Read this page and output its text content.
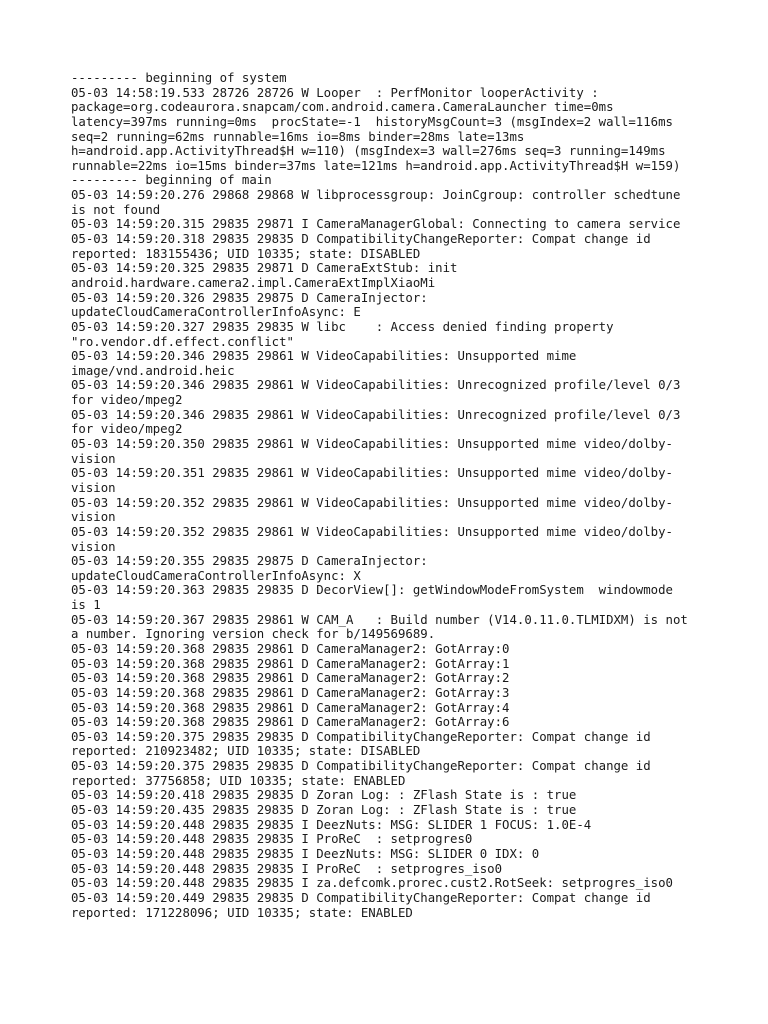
--------- beginning of system
05-03 14:58:19.533 28726 28726 W Looper  : PerfMonitor looperActivity :
package=org.codeaurora.snapcam/com.android.camera.CameraLauncher time=0ms
latency=397ms running=0ms  procState=-1  historyMsgCount=3 (msgIndex=2 wall=116ms
seq=2 running=62ms runnable=16ms io=8ms binder=28ms late=13ms
h=android.app.ActivityThread$H w=110) (msgIndex=3 wall=276ms seq=3 running=149ms
runnable=22ms io=15ms binder=37ms late=121ms h=android.app.ActivityThread$H w=159)
--------- beginning of main
05-03 14:59:20.276 29868 29868 W libprocessgroup: JoinCgroup: controller schedtune
is not found
05-03 14:59:20.315 29835 29871 I CameraManagerGlobal: Connecting to camera service
05-03 14:59:20.318 29835 29835 D CompatibilityChangeReporter: Compat change id
reported: 183155436; UID 10335; state: DISABLED
05-03 14:59:20.325 29835 29871 D CameraExtStub: init
android.hardware.camera2.impl.CameraExtImplXiaoMi
05-03 14:59:20.326 29835 29875 D CameraInjector:
updateCloudCameraControllerInfoAsync: E
05-03 14:59:20.327 29835 29835 W libc    : Access denied finding property
"ro.vendor.df.effect.conflict"
05-03 14:59:20.346 29835 29861 W VideoCapabilities: Unsupported mime
image/vnd.android.heic
05-03 14:59:20.346 29835 29861 W VideoCapabilities: Unrecognized profile/level 0/3
for video/mpeg2
05-03 14:59:20.346 29835 29861 W VideoCapabilities: Unrecognized profile/level 0/3
for video/mpeg2
05-03 14:59:20.350 29835 29861 W VideoCapabilities: Unsupported mime video/dolby-
vision
05-03 14:59:20.351 29835 29861 W VideoCapabilities: Unsupported mime video/dolby-
vision
05-03 14:59:20.352 29835 29861 W VideoCapabilities: Unsupported mime video/dolby-
vision
05-03 14:59:20.352 29835 29861 W VideoCapabilities: Unsupported mime video/dolby-
vision
05-03 14:59:20.355 29835 29875 D CameraInjector:
updateCloudCameraControllerInfoAsync: X
05-03 14:59:20.363 29835 29835 D DecorView[]: getWindowModeFromSystem  windowmode
is 1
05-03 14:59:20.367 29835 29861 W CAM_A   : Build number (V14.0.11.0.TLMIDXM) is not
a number. Ignoring version check for b/149569689.
05-03 14:59:20.368 29835 29861 D CameraManager2: GotArray:0
05-03 14:59:20.368 29835 29861 D CameraManager2: GotArray:1
05-03 14:59:20.368 29835 29861 D CameraManager2: GotArray:2
05-03 14:59:20.368 29835 29861 D CameraManager2: GotArray:3
05-03 14:59:20.368 29835 29861 D CameraManager2: GotArray:4
05-03 14:59:20.368 29835 29861 D CameraManager2: GotArray:6
05-03 14:59:20.375 29835 29835 D CompatibilityChangeReporter: Compat change id
reported: 210923482; UID 10335; state: DISABLED
05-03 14:59:20.375 29835 29835 D CompatibilityChangeReporter: Compat change id
reported: 37756858; UID 10335; state: ENABLED
05-03 14:59:20.418 29835 29835 D Zoran Log: : ZFlash State is : true
05-03 14:59:20.435 29835 29835 D Zoran Log: : ZFlash State is : true
05-03 14:59:20.448 29835 29835 I DeezNuts: MSG: SLIDER 1 FOCUS: 1.0E-4
05-03 14:59:20.448 29835 29835 I ProReC  : setprogres0
05-03 14:59:20.448 29835 29835 I DeezNuts: MSG: SLIDER 0 IDX: 0
05-03 14:59:20.448 29835 29835 I ProReC  : setprogres_iso0
05-03 14:59:20.448 29835 29835 I za.defcomk.prorec.cust2.RotSeek: setprogres_iso0
05-03 14:59:20.449 29835 29835 D CompatibilityChangeReporter: Compat change id
reported: 171228096; UID 10335; state: ENABLED
